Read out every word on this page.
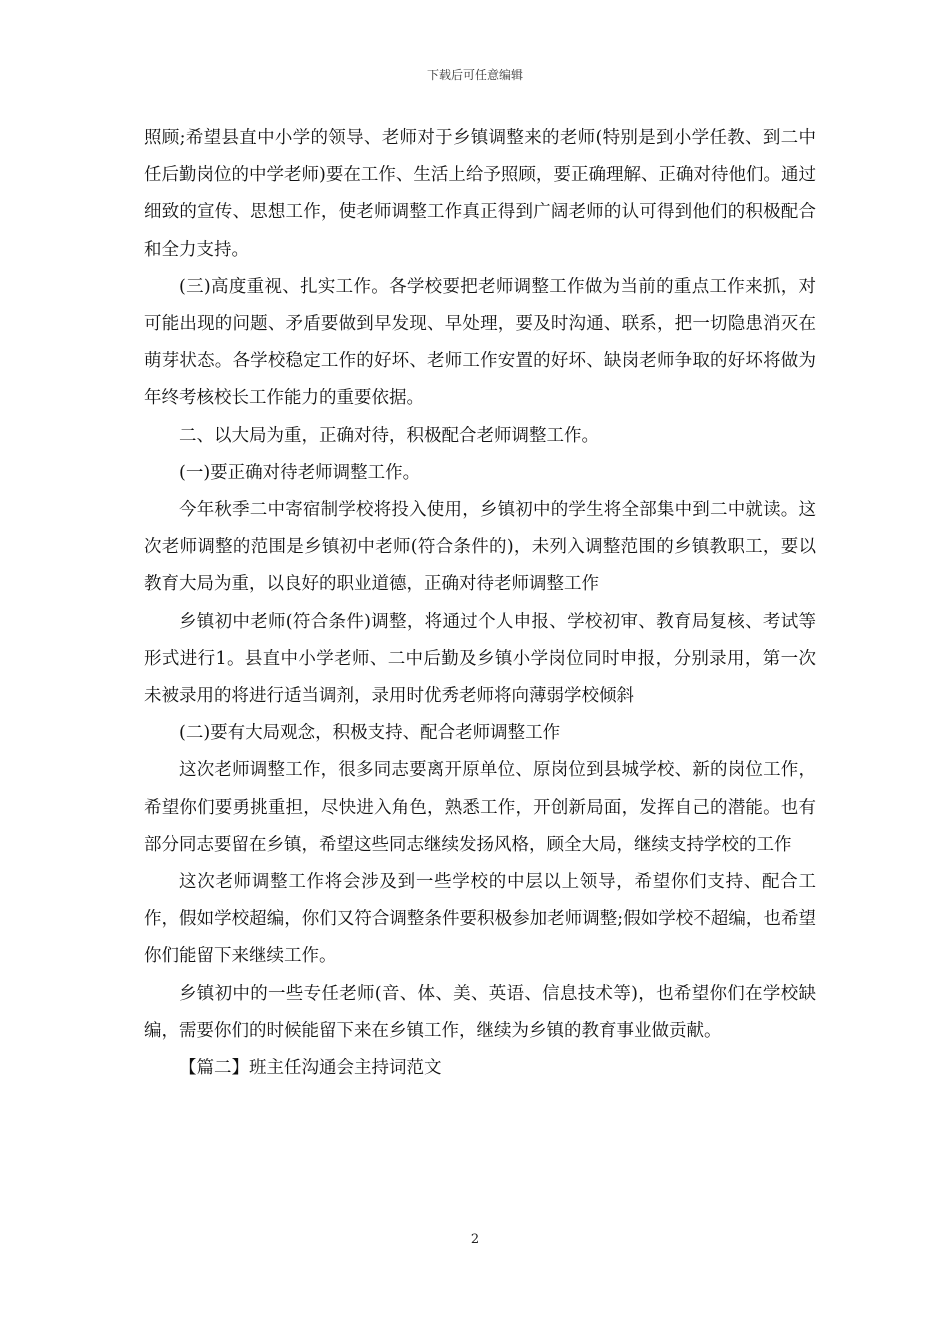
下载后可任意编辑

照顾;希望县直中小学的领导、老师对于乡镇调整来的老师(特别是到小学任教、到二中任后勤岗位的中学老师)要在工作、生活上给予照顾，要正确理解、正确对待他们。通过细致的宣传、思想工作，使老师调整工作真正得到广阔老师的认可得到他们的积极配合和全力支持。

(三)高度重视、扎实工作。各学校要把老师调整工作做为当前的重点工作来抓，对可能出现的问题、矛盾要做到早发现、早处理，要及时沟通、联系，把一切隐患消灭在萌芽状态。各学校稳定工作的好坏、老师工作安置的好坏、缺岗老师争取的好坏将做为年终考核校长工作能力的重要依据。

二、以大局为重，正确对待，积极配合老师调整工作。

(一)要正确对待老师调整工作。

今年秋季二中寄宿制学校将投入使用，乡镇初中的学生将全部集中到二中就读。这次老师调整的范围是乡镇初中老师(符合条件的)，未列入调整范围的乡镇教职工，要以教育大局为重，以良好的职业道德，正确对待老师调整工作

乡镇初中老师(符合条件)调整，将通过个人申报、学校初审、教育局复核、考试等形式进行1。县直中小学老师、二中后勤及乡镇小学岗位同时申报，分别录用，第一次未被录用的将进行适当调剂，录用时优秀老师将向薄弱学校倾斜

(二)要有大局观念，积极支持、配合老师调整工作

这次老师调整工作，很多同志要离开原单位、原岗位到县城学校、新的岗位工作，希望你们要勇挑重担，尽快进入角色，熟悉工作，开创新局面，发挥自己的潜能。也有部分同志要留在乡镇，希望这些同志继续发扬风格，顾全大局，继续支持学校的工作

这次老师调整工作将会涉及到一些学校的中层以上领导，希望你们支持、配合工作，假如学校超编，你们又符合调整条件要积极参加老师调整;假如学校不超编，也希望你们能留下来继续工作。

乡镇初中的一些专任老师(音、体、美、英语、信息技术等)，也希望你们在学校缺编，需要你们的时候能留下来在乡镇工作，继续为乡镇的教育事业做贡献。

【篇二】班主任沟通会主持词范文

2
